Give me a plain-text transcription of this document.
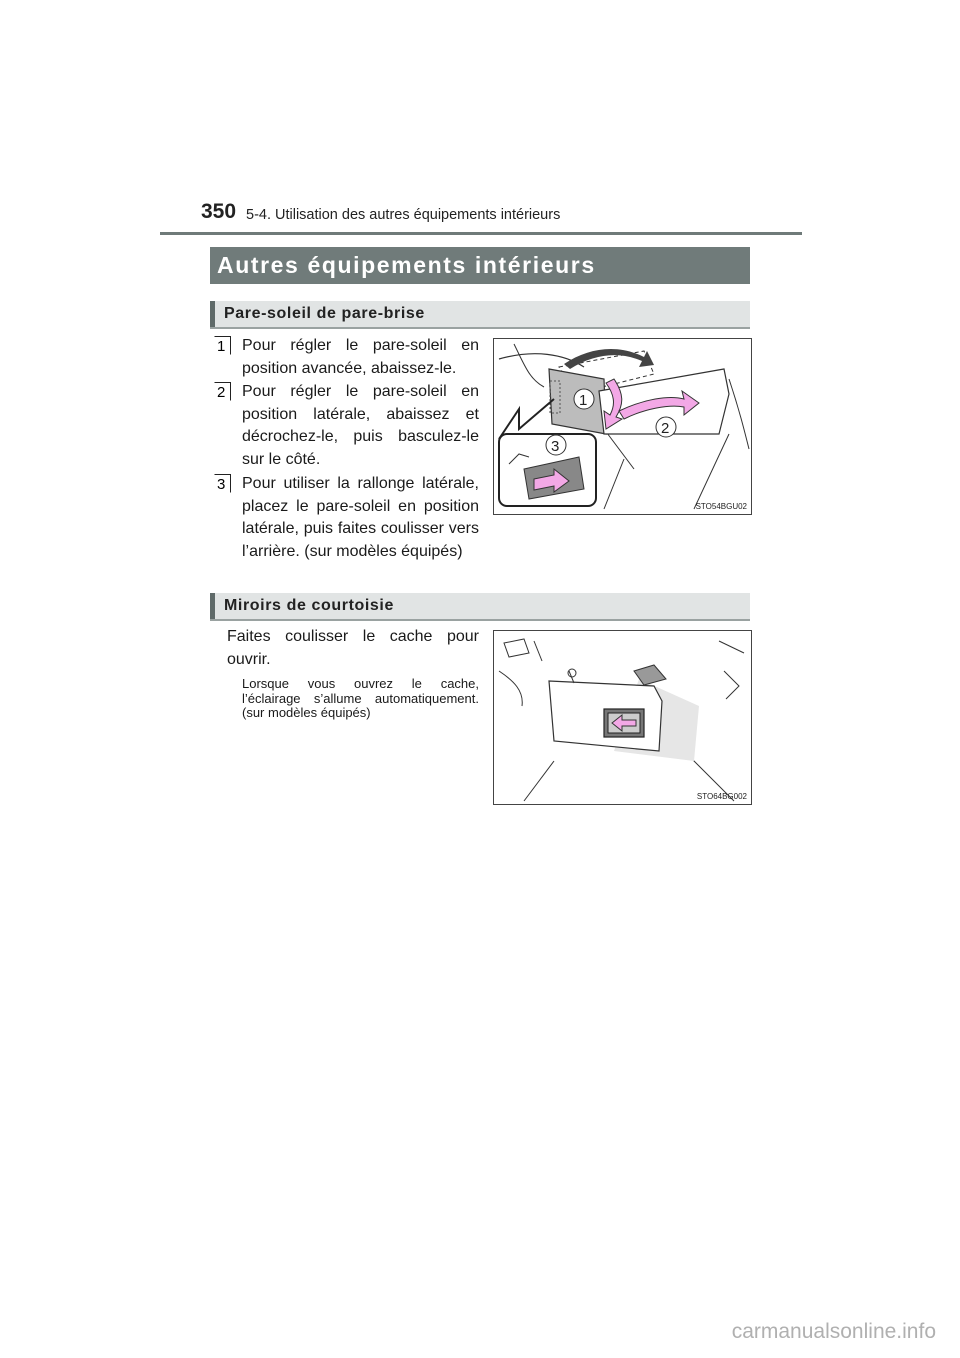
350 5-4. Utilisation des autres équipements intérieurs
Autres équipements intérieurs
Pare-soleil de pare-brise
1 Pour régler le pare-soleil en position avancée, abaissez-le.
2 Pour régler le pare-soleil en position latérale, abaissez et décrochez-le, puis basculez-le sur le côté.
3 Pour utiliser la rallonge latérale, placez le pare-soleil en position latérale, puis faites coulisser vers l’arrière. (sur modèles équipés)
1
2
3
STO54BGU02
Miroirs de courtoisie
Faites coulisser le cache pour ouvrir.
Lorsque vous ouvrez le cache, l’éclairage s’allume automatiquement. (sur modèles équipés)
STO64BG002
carmanualsonline.info
